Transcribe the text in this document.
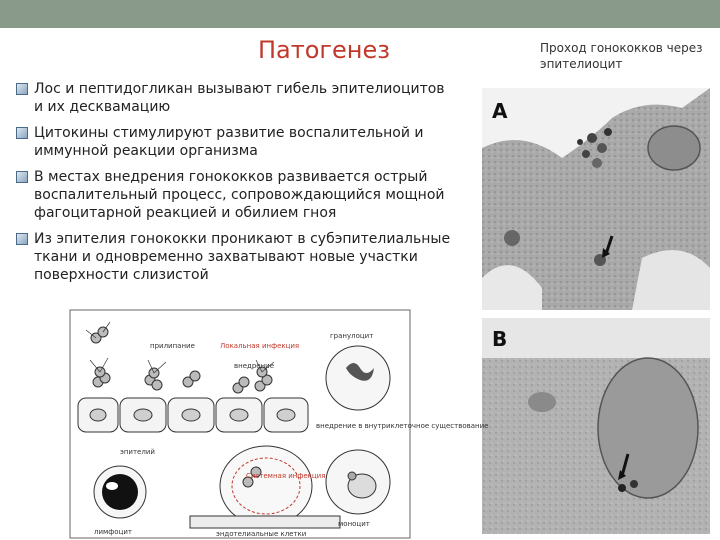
Патогенез
Лос и пептидогликан вызывают гибель эпителиоцитов и их десквамацию
Цитокины стимулируют развитие воспалительной и иммунной реакции организма
В местах внедрения гонококков развивается острый воспалительный процесс, сопровождающийся мощной фагоцитарной реакцией и обилием гноя
Из эпителия гонококки проникают в субэпителиальные ткани и одновременно захватывают новые участки поверхности слизистой
Проход гонококков через эпителиоцит
A
B
прилипание	Локальная инфекция
гранулоцит
внедрение
эпителий
Системная инфекция
внедрение в внутриклеточное существование
лимфоцит
моноцит
эндотелиальные клетки
